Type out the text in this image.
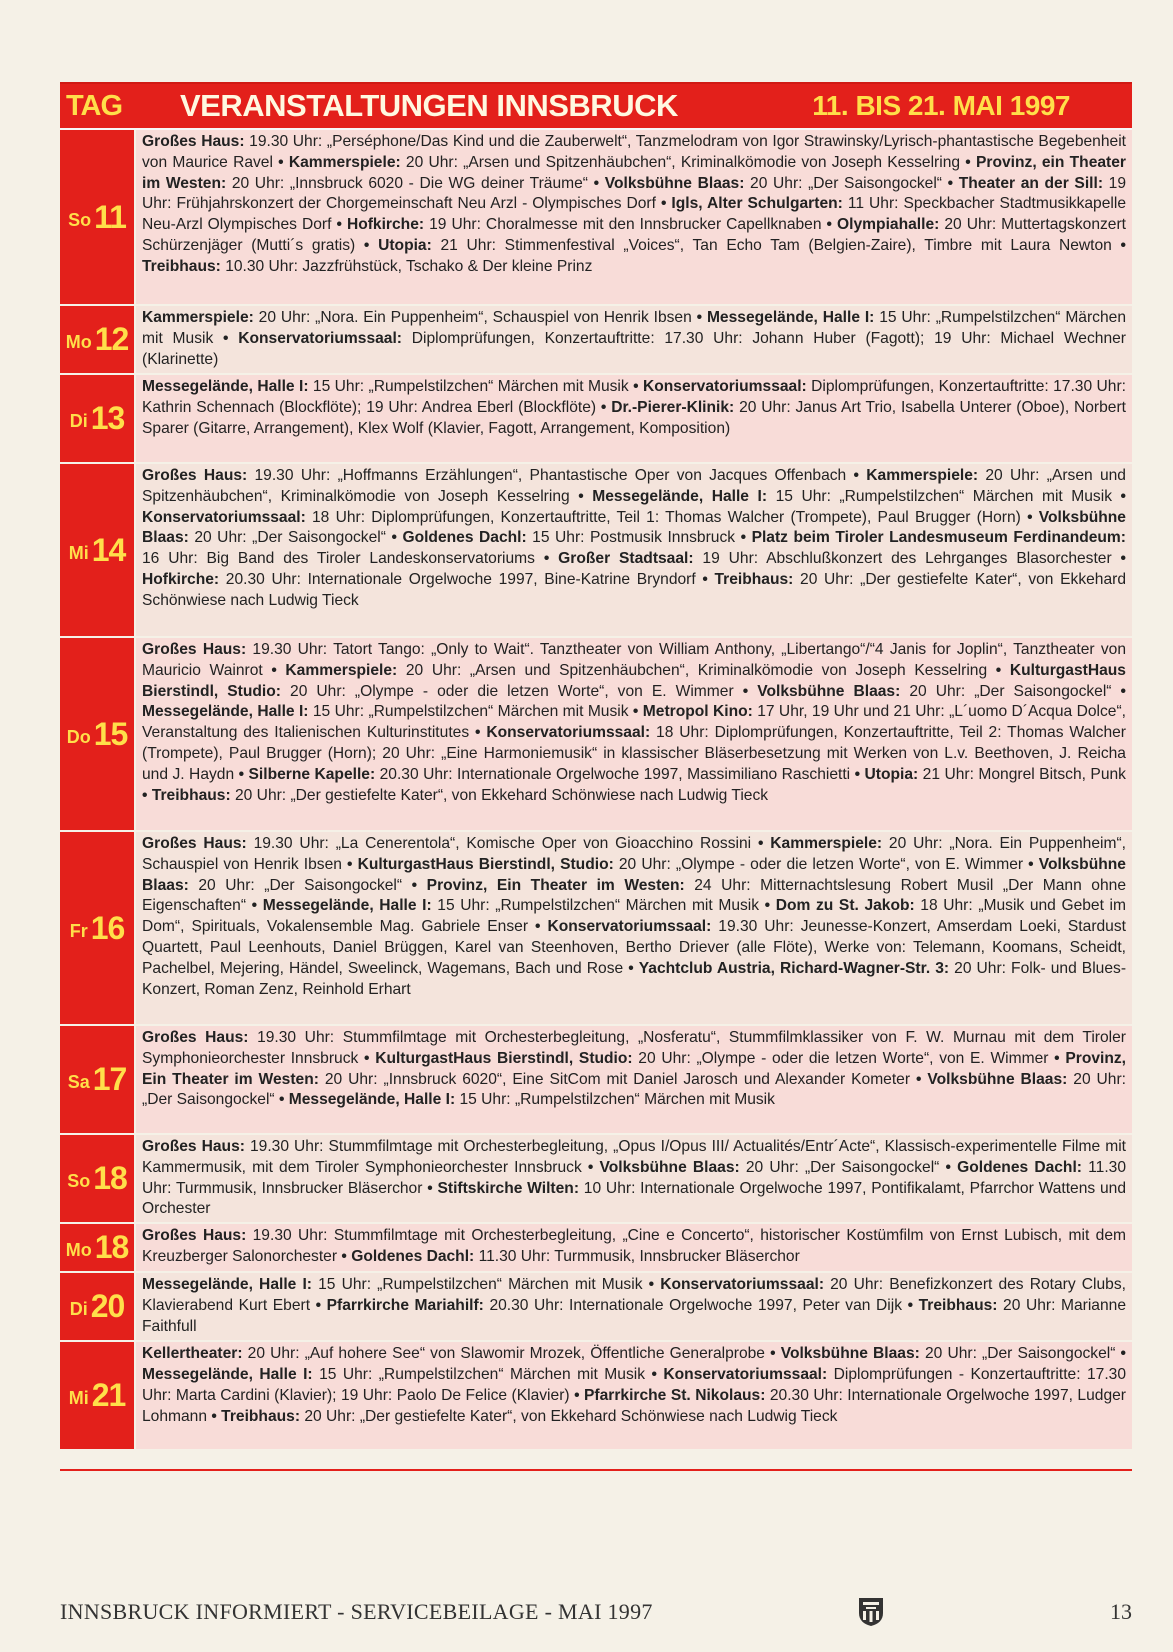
TAG	VERANSTALTUNGEN INNSBRUCK	11. BIS 21. MAI 1997
So 11
Großes Haus: 19.30 Uhr: „Perséphone/Das Kind und die Zauberwelt“, Tanzmelodram von Igor Strawinsky/Lyrisch-phantastische Begebenheit von Maurice Ravel • Kammerspiele: 20 Uhr: „Arsen und Spitzenhäubchen“, Kriminalkömodie von Joseph Kesselring • Provinz, ein Theater im Westen: 20 Uhr: „Innsbruck 6020 - Die WG deiner Träume“ • Volksbühne Blaas: 20 Uhr: „Der Saisongockel“ • Theater an der Sill: 19 Uhr: Frühjahrskonzert der Chorgemeinschaft Neu Arzl - Olympisches Dorf • Igls, Alter Schulgarten: 11 Uhr: Speckbacher Stadtmusikkapelle Neu-Arzl Olympisches Dorf • Hofkirche: 19 Uhr: Choralmesse mit den Innsbrucker Capellknaben • Olympiahalle: 20 Uhr: Muttertagskonzert Schürzenjäger (Mutti´s gratis) • Utopia: 21 Uhr: Stimmenfestival „Voices“, Tan Echo Tam (Belgien-Zaire), Timbre mit Laura Newton • Treibhaus: 10.30 Uhr: Jazzfrühstück, Tschako & Der kleine Prinz
Mo 12
Kammerspiele: 20 Uhr: „Nora. Ein Puppenheim“, Schauspiel von Henrik Ibsen • Messegelände, Halle I: 15 Uhr: „Rumpelstilzchen“ Märchen mit Musik • Konservatoriumssaal: Diplomprüfungen, Konzertauftritte: 17.30 Uhr: Johann Huber (Fagott); 19 Uhr: Michael Wechner (Klarinette)
Di 13
Messegelände, Halle I: 15 Uhr: „Rumpelstilzchen“ Märchen mit Musik • Konservatoriumssaal: Diplomprüfungen, Konzertauftritte: 17.30 Uhr: Kathrin Schennach (Blockflöte); 19 Uhr: Andrea Eberl (Blockflöte) • Dr.-Pierer-Klinik: 20 Uhr: Janus Art Trio, Isabella Unterer (Oboe), Norbert Sparer (Gitarre, Arrangement), Klex Wolf (Klavier, Fagott, Arrangement, Komposition)
Mi 14
Großes Haus: 19.30 Uhr: „Hoffmanns Erzählungen“, Phantastische Oper von Jacques Offenbach • Kammerspiele: 20 Uhr: „Arsen und Spitzenhäubchen“, Kriminalkömodie von Joseph Kesselring • Messegelände, Halle I: 15 Uhr: „Rumpelstilzchen“ Märchen mit Musik • Konservatoriumssaal: 18 Uhr: Diplomprüfungen, Konzertauftritte, Teil 1: Thomas Walcher (Trompete), Paul Brugger (Horn) • Volksbühne Blaas: 20 Uhr: „Der Saisongockel“ • Goldenes Dachl: 15 Uhr: Postmusik Innsbruck • Platz beim Tiroler Landesmuseum Ferdinandeum: 16 Uhr: Big Band des Tiroler Landeskonservatoriums • Großer Stadtsaal: 19 Uhr: Abschlußkonzert des Lehrganges Blasorchester • Hofkirche: 20.30 Uhr: Internationale Orgelwoche 1997, Bine-Katrine Bryndorf • Treibhaus: 20 Uhr: „Der gestiefelte Kater“, von Ekkehard Schönwiese nach Ludwig Tieck
Do 15
Großes Haus: 19.30 Uhr: Tatort Tango: „Only to Wait“. Tanztheater von William Anthony, „Libertango“/“4 Janis for Joplin“, Tanztheater von Mauricio Wainrot • Kammerspiele: 20 Uhr: „Arsen und Spitzenhäubchen“, Kriminalkömodie von Joseph Kesselring • KulturgastHaus Bierstindl, Studio: 20 Uhr: „Olympe - oder die letzen Worte“, von E. Wimmer • Volksbühne Blaas: 20 Uhr: „Der Saisongockel“ • Messegelände, Halle I: 15 Uhr: „Rumpelstilzchen“ Märchen mit Musik • Metropol Kino: 17 Uhr, 19 Uhr und 21 Uhr: „L´uomo D´Acqua Dolce“, Veranstaltung des Italienischen Kulturinstitutes • Konservatoriumssaal: 18 Uhr: Diplomprüfungen, Konzertauftritte, Teil 2: Thomas Walcher (Trompete), Paul Brugger (Horn); 20 Uhr: „Eine Harmoniemusik“ in klassischer Bläserbesetzung mit Werken von L.v. Beethoven, J. Reicha und J. Haydn • Silberne Kapelle: 20.30 Uhr: Internationale Orgelwoche 1997, Massimiliano Raschietti • Utopia: 21 Uhr: Mongrel Bitsch, Punk • Treibhaus: 20 Uhr: „Der gestiefelte Kater“, von Ekkehard Schönwiese nach Ludwig Tieck
Fr 16
Großes Haus: 19.30 Uhr: „La Cenerentola“, Komische Oper von Gioacchino Rossini • Kammerspiele: 20 Uhr: „Nora. Ein Puppenheim“, Schauspiel von Henrik Ibsen • KulturgastHaus Bierstindl, Studio: 20 Uhr: „Olympe - oder die letzen Worte“, von E. Wimmer • Volksbühne Blaas: 20 Uhr: „Der Saisongockel“ • Provinz, Ein Theater im Westen: 24 Uhr: Mitternachtslesung Robert Musil „Der Mann ohne Eigenschaften“ • Messegelände, Halle I: 15 Uhr: „Rumpelstilzchen“ Märchen mit Musik • Dom zu St. Jakob: 18 Uhr: „Musik und Gebet im Dom“, Spirituals, Vokalensemble Mag. Gabriele Enser • Konservatoriumssaal: 19.30 Uhr: Jeunesse-Konzert, Amserdam Loeki, Stardust Quartett, Paul Leenhouts, Daniel Brüggen, Karel van Steenhoven, Bertho Driever (alle Flöte), Werke von: Telemann, Koomans, Scheidt, Pachelbel, Mejering, Händel, Sweelinck, Wagemans, Bach und Rose • Yachtclub Austria, Richard-Wagner-Str. 3: 20 Uhr: Folk- und Blues-Konzert, Roman Zenz, Reinhold Erhart
Sa 17
Großes Haus: 19.30 Uhr: Stummfilmtage mit Orchesterbegleitung, „Nosferatu“, Stummfilmklassiker von F. W. Murnau mit dem Tiroler Symphonieorchester Innsbruck • KulturgastHaus Bierstindl, Studio: 20 Uhr: „Olympe - oder die letzen Worte“, von E. Wimmer • Provinz, Ein Theater im Westen: 20 Uhr: „Innsbruck 6020“, Eine SitCom mit Daniel Jarosch und Alexander Kometer • Volksbühne Blaas: 20 Uhr: „Der Saisongockel“ • Messegelände, Halle I: 15 Uhr: „Rumpelstilzchen“ Märchen mit Musik
So 18
Großes Haus: 19.30 Uhr: Stummfilmtage mit Orchesterbegleitung, „Opus I/Opus III/ Actualités/Entr´Acte“, Klassisch-experimentelle Filme mit Kammermusik, mit dem Tiroler Symphonieorchester Innsbruck • Volksbühne Blaas: 20 Uhr: „Der Saisongockel“ • Goldenes Dachl: 11.30 Uhr: Turmmusik, Innsbrucker Bläserchor • Stiftskirche Wilten: 10 Uhr: Internationale Orgelwoche 1997, Pontifikalamt, Pfarrchor Wattens und Orchester
Mo 18 Großes Haus: 19.30 Uhr: Stummfilmtage mit Orchesterbegleitung, „Cine e Concerto“, historischer Kostümfilm von Ernst Lubisch, mit dem Kreuzberger Salonorchester • Goldenes Dachl: 11.30 Uhr: Turmmusik, Innsbrucker Bläserchor
Di 20
Messegelände, Halle I: 15 Uhr: „Rumpelstilzchen“ Märchen mit Musik • Konservatoriumssaal: 20 Uhr: Benefizkonzert des Rotary Clubs, Klavierabend Kurt Ebert • Pfarrkirche Mariahilf: 20.30 Uhr: Internationale Orgelwoche 1997, Peter van Dijk • Treibhaus: 20 Uhr: Marianne Faithfull
Mi 21
Kellertheater: 20 Uhr: „Auf hohere See“ von Slawomir Mrozek, Öffentliche Generalprobe • Volksbühne Blaas: 20 Uhr: „Der Saisongockel“ • Messegelände, Halle I: 15 Uhr: „Rumpelstilzchen“ Märchen mit Musik • Konservatoriumssaal: Diplomprüfungen - Konzertauftritte: 17.30 Uhr: Marta Cardini (Klavier); 19 Uhr: Paolo De Felice (Klavier) • Pfarrkirche St. Nikolaus: 20.30 Uhr: Internationale Orgelwoche 1997, Ludger Lohmann • Treibhaus: 20 Uhr: „Der gestiefelte Kater“, von Ekkehard Schönwiese nach Ludwig Tieck
INNSBRUCK INFORMIERT - SERVICEBEILAGE - MAI 1997	13
